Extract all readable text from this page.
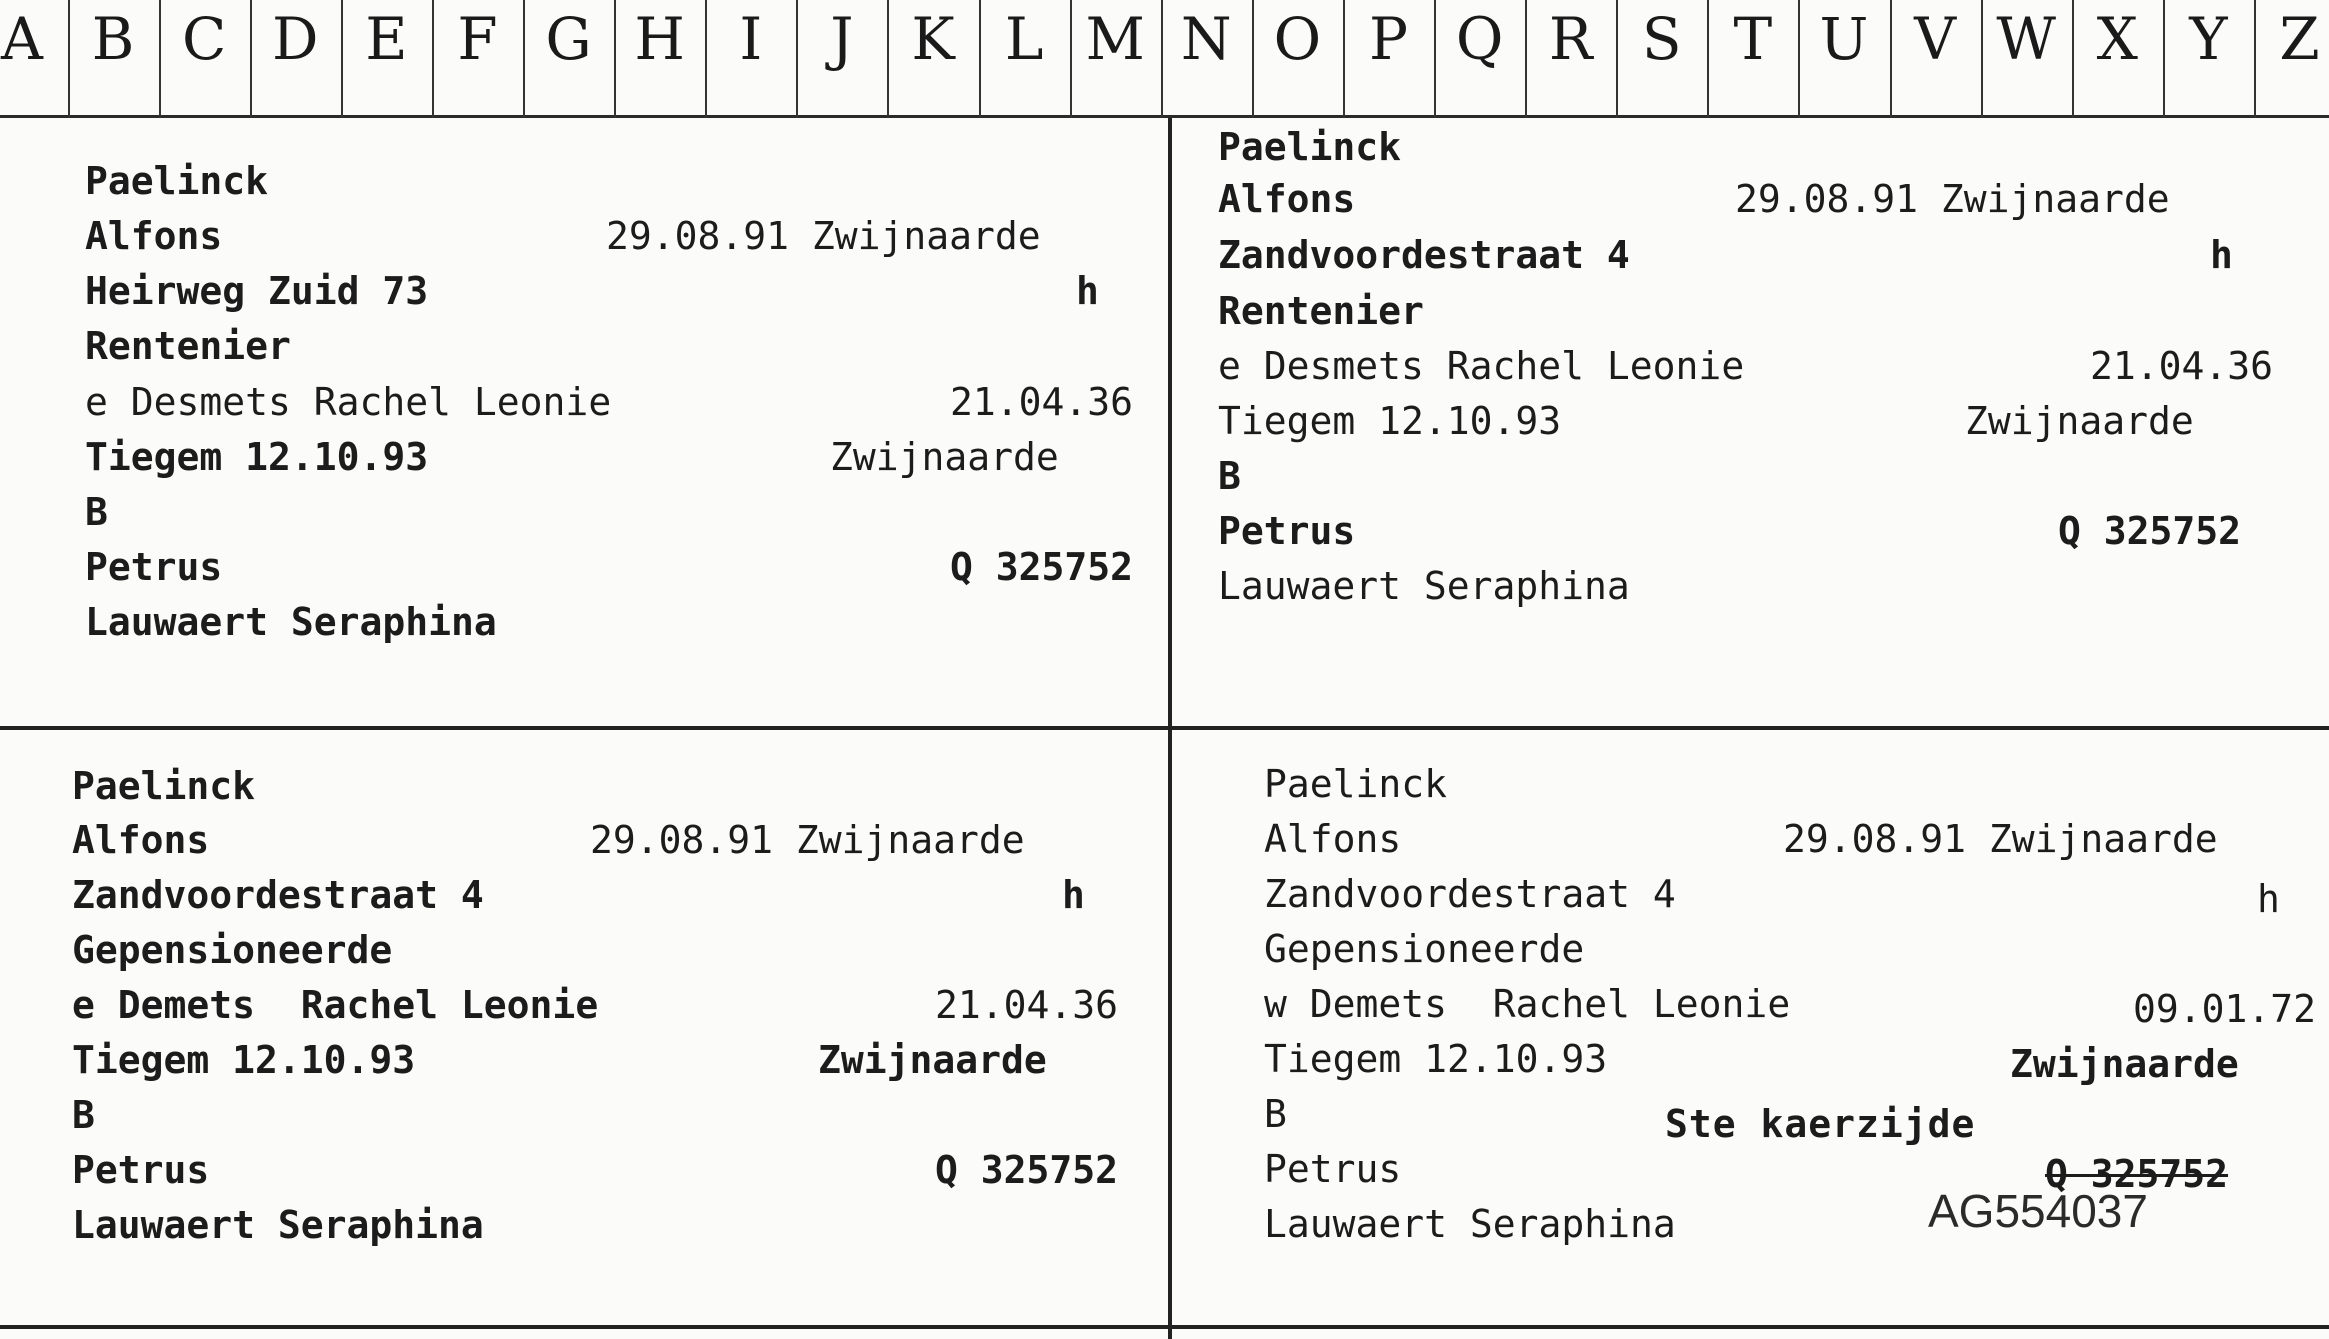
A B C D E F G H I	J K L M N O P Q R S T U V W X Y Z
Paelinck
Alfons	29.08.91 Zwijnaarde
Heirweg Zuid 73	h
Rentenier
e Desmets Rachel Leonie	21.04.36
Tiegem 12.10.93	Zwijnaarde
B
Petrus	Q 325752
Lauwaert Seraphina
Paelinck
Alfons	29.08.91 Zwijnaarde
Zandvoordestraat 4	h
Rentenier
e Desmets Rachel Leonie	21.04.36
Tiegem 12.10.93	Zwijnaarde
B
Petrus	Q 325752
Lauwaert Seraphina
Paelinck
Alfons	29.08.91 Zwijnaarde
Zandvoordestraat 4	h
Gepensioneerde
e Demets  Rachel Leonie	21.04.36
Tiegem 12.10.93	Zwijnaarde
B
Petrus	Q 325752
Lauwaert Seraphina
Paelinck
Alfons	29.08.91 Zwijnaarde
Zandvoordestraat 4	h
Gepensioneerde
w Demets  Rachel Leonie	09.01.72
Tiegem 12.10.93	Zwijnaarde
B	Ste kaerzijde
Petrus	Q 325752
Lauwaert Seraphina	AG554037
